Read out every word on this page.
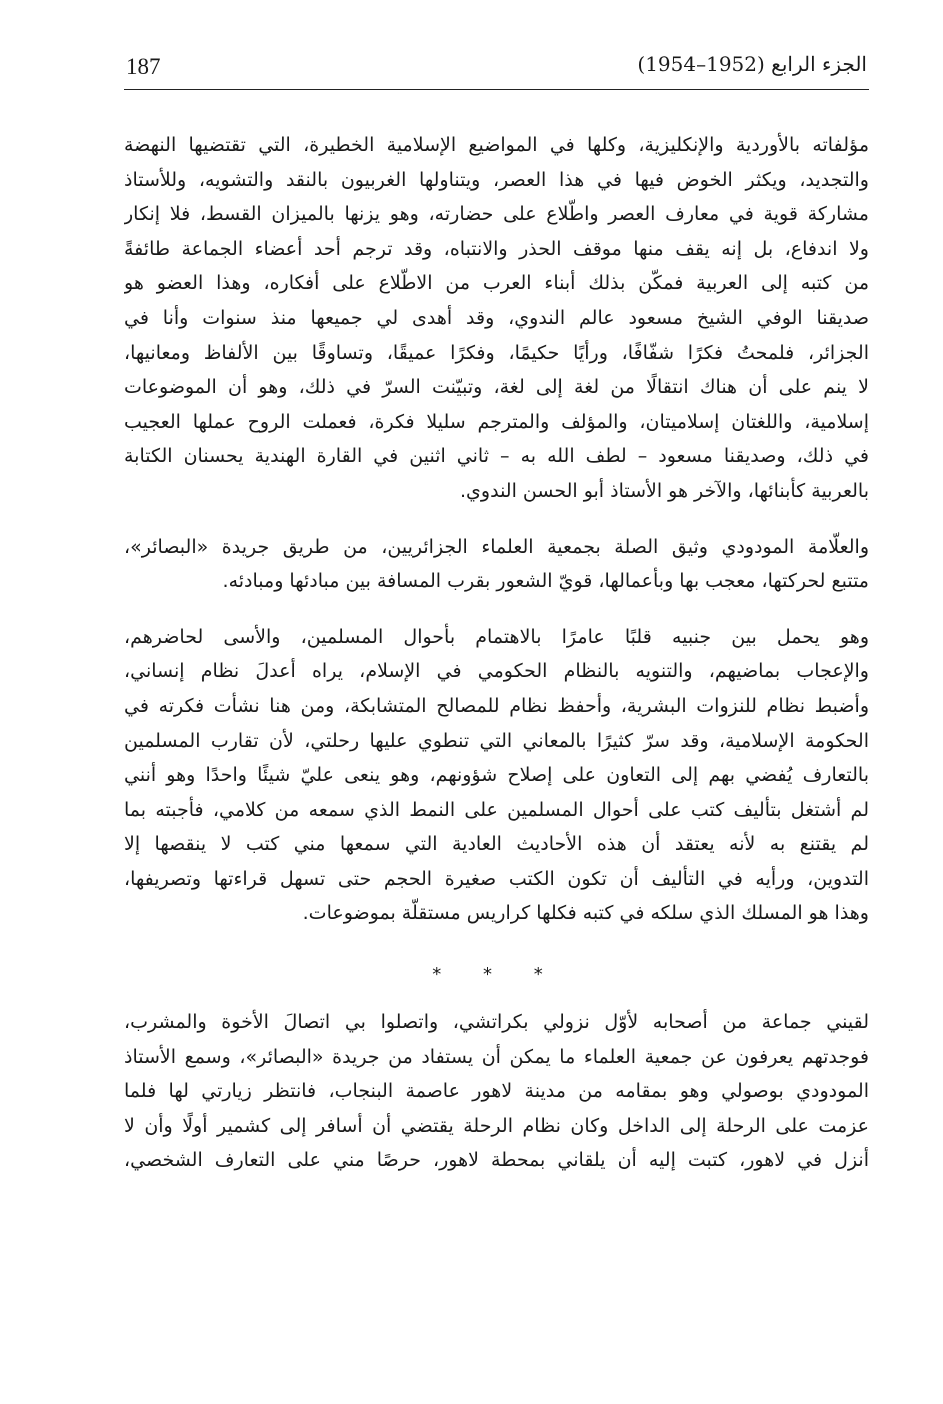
187	الجزء الرابع (1952–1954)
مؤلفاته بالأوردية والإنكليزية، وكلها في المواضيع الإسلامية الخطيرة، التي تقتضيها النهضة
والتجديد، ويكثر الخوض فيها في هذا العصر، ويتناولها الغربيون بالنقد والتشويه، وللأستاذ
مشاركة قوية في معارف العصر واطّلاع على حضارته، وهو يزنها بالميزان القسط، فلا إنكار
ولا اندفاع، بل إنه يقف منها موقف الحذر والانتباه، وقد ترجم أحد أعضاء الجماعة طائفةً
من كتبه إلى العربية فمكّن بذلك أبناء العرب من الاطّلاع على أفكاره، وهذا العضو هو
صديقنا الوفي الشيخ مسعود عالم الندوي، وقد أهدى لي جميعها منذ سنوات وأنا في
الجزائر، فلمحتُ فكرًا شفّافًا، ورأيًا حكيمًا، وفكرًا عميقًا، وتساوقًا بين الألفاظ ومعانيها،
لا ينم على أن هناك انتقالًا من لغة إلى لغة، وتبيّنت السرّ في ذلك، وهو أن الموضوعات
إسلامية، واللغتان إسلاميتان، والمؤلف والمترجم سليلا فكرة، فعملت الروح عملها العجيب
في ذلك، وصديقنا مسعود – لطف الله به – ثاني اثنين في القارة الهندية يحسنان الكتابة
بالعربية كأبنائها، والآخر هو الأستاذ أبو الحسن الندوي.
والعلّامة المودودي وثيق الصلة بجمعية العلماء الجزائريين، من طريق جريدة «البصائر»،
متتبع لحركتها، معجب بها وبأعمالها، قويّ الشعور بقرب المسافة بين مبادئها ومبادئه.
وهو يحمل بين جنبيه قلبًا عامرًا بالاهتمام بأحوال المسلمين، والأسى لحاضرهم،
والإعجاب بماضيهم، والتنويه بالنظام الحكومي في الإسلام، يراه أعدلَ نظام إنساني،
وأضبط نظام للنزوات البشرية، وأحفظ نظام للمصالح المتشابكة، ومن هنا نشأت فكرته في
الحكومة الإسلامية، وقد سرّ كثيرًا بالمعاني التي تنطوي عليها رحلتي، لأن تقارب المسلمين
بالتعارف يُفضي بهم إلى التعاون على إصلاح شؤونهم، وهو ينعى عليّ شيئًا واحدًا وهو أنني
لم أشتغل بتأليف كتب على أحوال المسلمين على النمط الذي سمعه من كلامي، فأجبته بما
لم يقتنع به لأنه يعتقد أن هذه الأحاديث العادية التي سمعها مني كتب لا ينقصها إلا
التدوين، ورأيه في التأليف أن تكون الكتب صغيرة الحجم حتى تسهل قراءتها وتصريفها،
وهذا هو المسلك الذي سلكه في كتبه فكلها كراريس مستقلّة بموضوعات.
* * *
لقيني جماعة من أصحابه لأوّل نزولي بكراتشي، واتصلوا بي اتصالَ الأخوة والمشرب،
فوجدتهم يعرفون عن جمعية العلماء ما يمكن أن يستفاد من جريدة «البصائر»، وسمع الأستاذ
المودودي بوصولي وهو بمقامه من مدينة لاهور عاصمة البنجاب، فانتظر زيارتي لها فلما
عزمت على الرحلة إلى الداخل وكان نظام الرحلة يقتضي أن أسافر إلى كشمير أولًا وأن لا
أنزل في لاهور، كتبت إليه أن يلقاني بمحطة لاهور، حرصًا مني على التعارف الشخصي،
